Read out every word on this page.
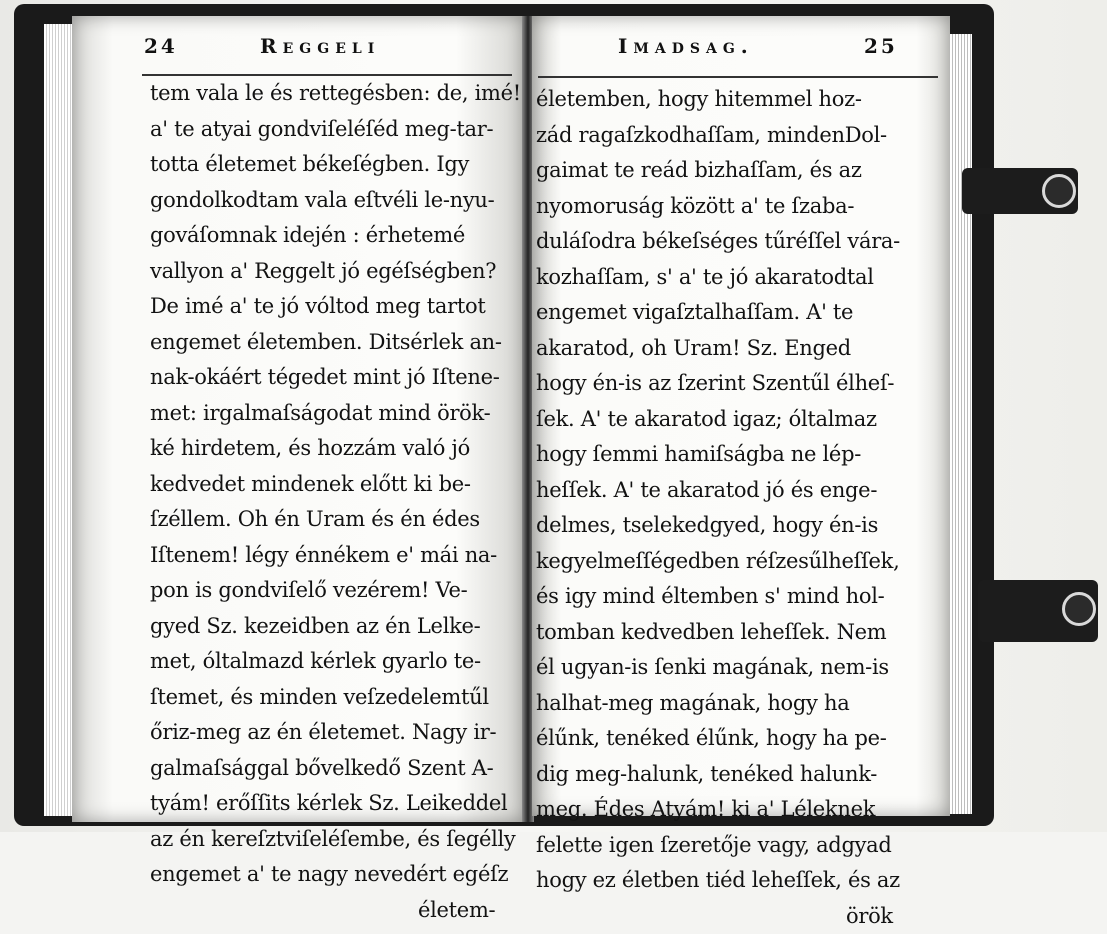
24	Reggeli
tem vala le és rettegésben: de, imé!
a' te atyai gondviſeléſéd meg-tar-
totta életemet békeſégben. Igy
gondolkodtam vala eſtvéli le-nyu-
gováſomnak idején : érhetemé
vallyon a' Reggelt jó egéſségben?
De imé a' te jó vóltod meg tartot
engemet életemben. Ditsérlek an-
nak-okáért tégedet mint jó Iſtene-
met: irgalmaſságodat mind örök-
ké hirdetem, és hozzám való jó
kedvedet mindenek előtt ki be-
ſzéllem. Oh én Uram és én édes
Iſtenem! légy énnékem e' mái na-
pon is gondviſelő vezérem! Ve-
gyed Sz. kezeidben az én Lelke-
met, óltalmazd kérlek gyarlo te-
ſtemet, és minden veſzedelemtűl
őriz-meg az én életemet. Nagy ir-
galmaſsággal bővelkedő Szent A-
tyám! erőſſits kérlek Sz. Leikeddel
az én kereſztviſeléſembe, és ſegélly
engemet a' te nagy nevedért egéſz
életem-
Imadsag.	25
életemben, hogy hitemmel hoz-
zád ragaſzkodhaſſam, mindenDol-
gaimat te reád bizhaſſam, és az
nyomoruság között a' te ſzaba-
duláſodra békeſséges tűréſſel vára-
kozhaſſam, s' a' te jó akaratodtal
engemet vigaſztalhaſſam. A' te
akaratod, oh Uram! Sz. Enged
hogy én-is az ſzerint Szentűl élheſ-
ſek. A' te akaratod igaz; óltalmaz
hogy ſemmi hamiſságba ne lép-
heſſek. A' te akaratod jó és enge-
delmes, tselekedgyed, hogy én-is
kegyelmeſſégedben réſzesűlheſſek,
és igy mind éltemben s' mind hol-
tomban kedvedben leheſſek. Nem
él ugyan-is ſenki magának, nem-is
halhat-meg magának, hogy ha
élűnk, tenéked élűnk, hogy ha pe-
dig meg-halunk, tenéked halunk-
meg. Édes Atyám! ki a' Léleknek
felette igen ſzeretője vagy, adgyad
hogy ez életben tiéd leheſſek, és az
örök
